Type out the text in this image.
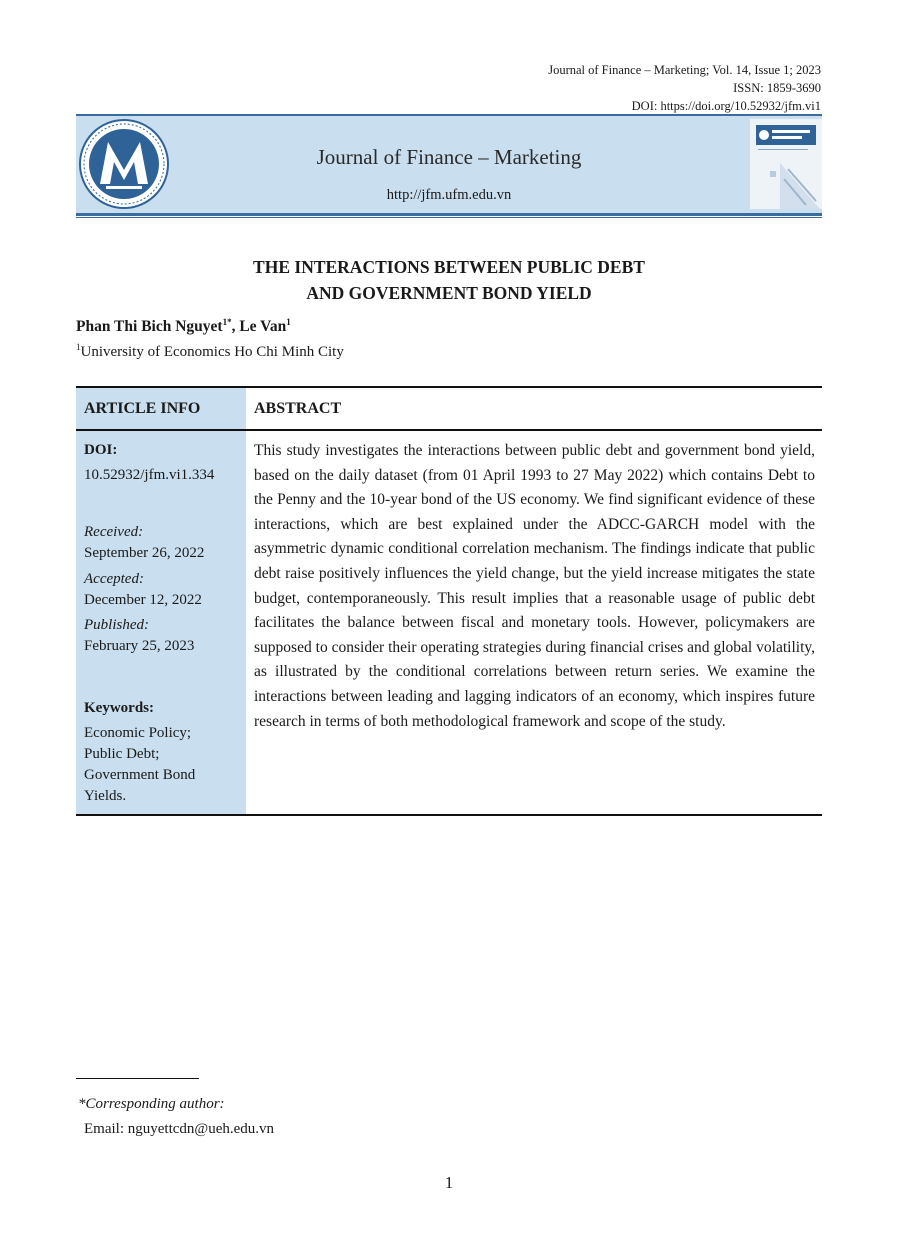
Journal of Finance – Marketing; Vol. 14, Issue 1; 2023
ISSN: 1859-3690
DOI: https://doi.org/10.52932/jfm.vi1
Journal of Finance – Marketing
http://jfm.ufm.edu.vn
THE INTERACTIONS BETWEEN PUBLIC DEBT
AND GOVERNMENT BOND YIELD
Phan Thi Bich Nguyet$^{1*}$, Le Van$^1$
$^1$University of Economics Ho Chi Minh City
ARTICLE INFO	ABSTRACT
DOI:
10.52932/jfm.vi1.334
Received:
September 26, 2022
Accepted:
December 12, 2022
Published:
February 25, 2023
Keywords:
Economic Policy;
Public Debt;
Government Bond
Yields.
This study investigates the interactions between public debt and government bond yield, based on the daily dataset (from 01 April 1993 to 27 May 2022) which contains Debt to the Penny and the 10-year bond of the US economy. We find significant evidence of these interactions, which are best explained under the ADCC-GARCH model with the asymmetric dynamic conditional correlation mechanism. The findings indicate that public debt raise positively influences the yield change, but the yield increase mitigates the state budget, contemporaneously. This result implies that a reasonable usage of public debt facilitates the balance between fiscal and monetary tools. However, policymakers are supposed to consider their operating strategies during financial crises and global volatility, as illustrated by the conditional correlations between return series. We examine the interactions between leading and lagging indicators of an economy, which inspires future research in terms of both methodological framework and scope of the study.
*Corresponding author:
Email: nguyettcdn@ueh.edu.vn
1
